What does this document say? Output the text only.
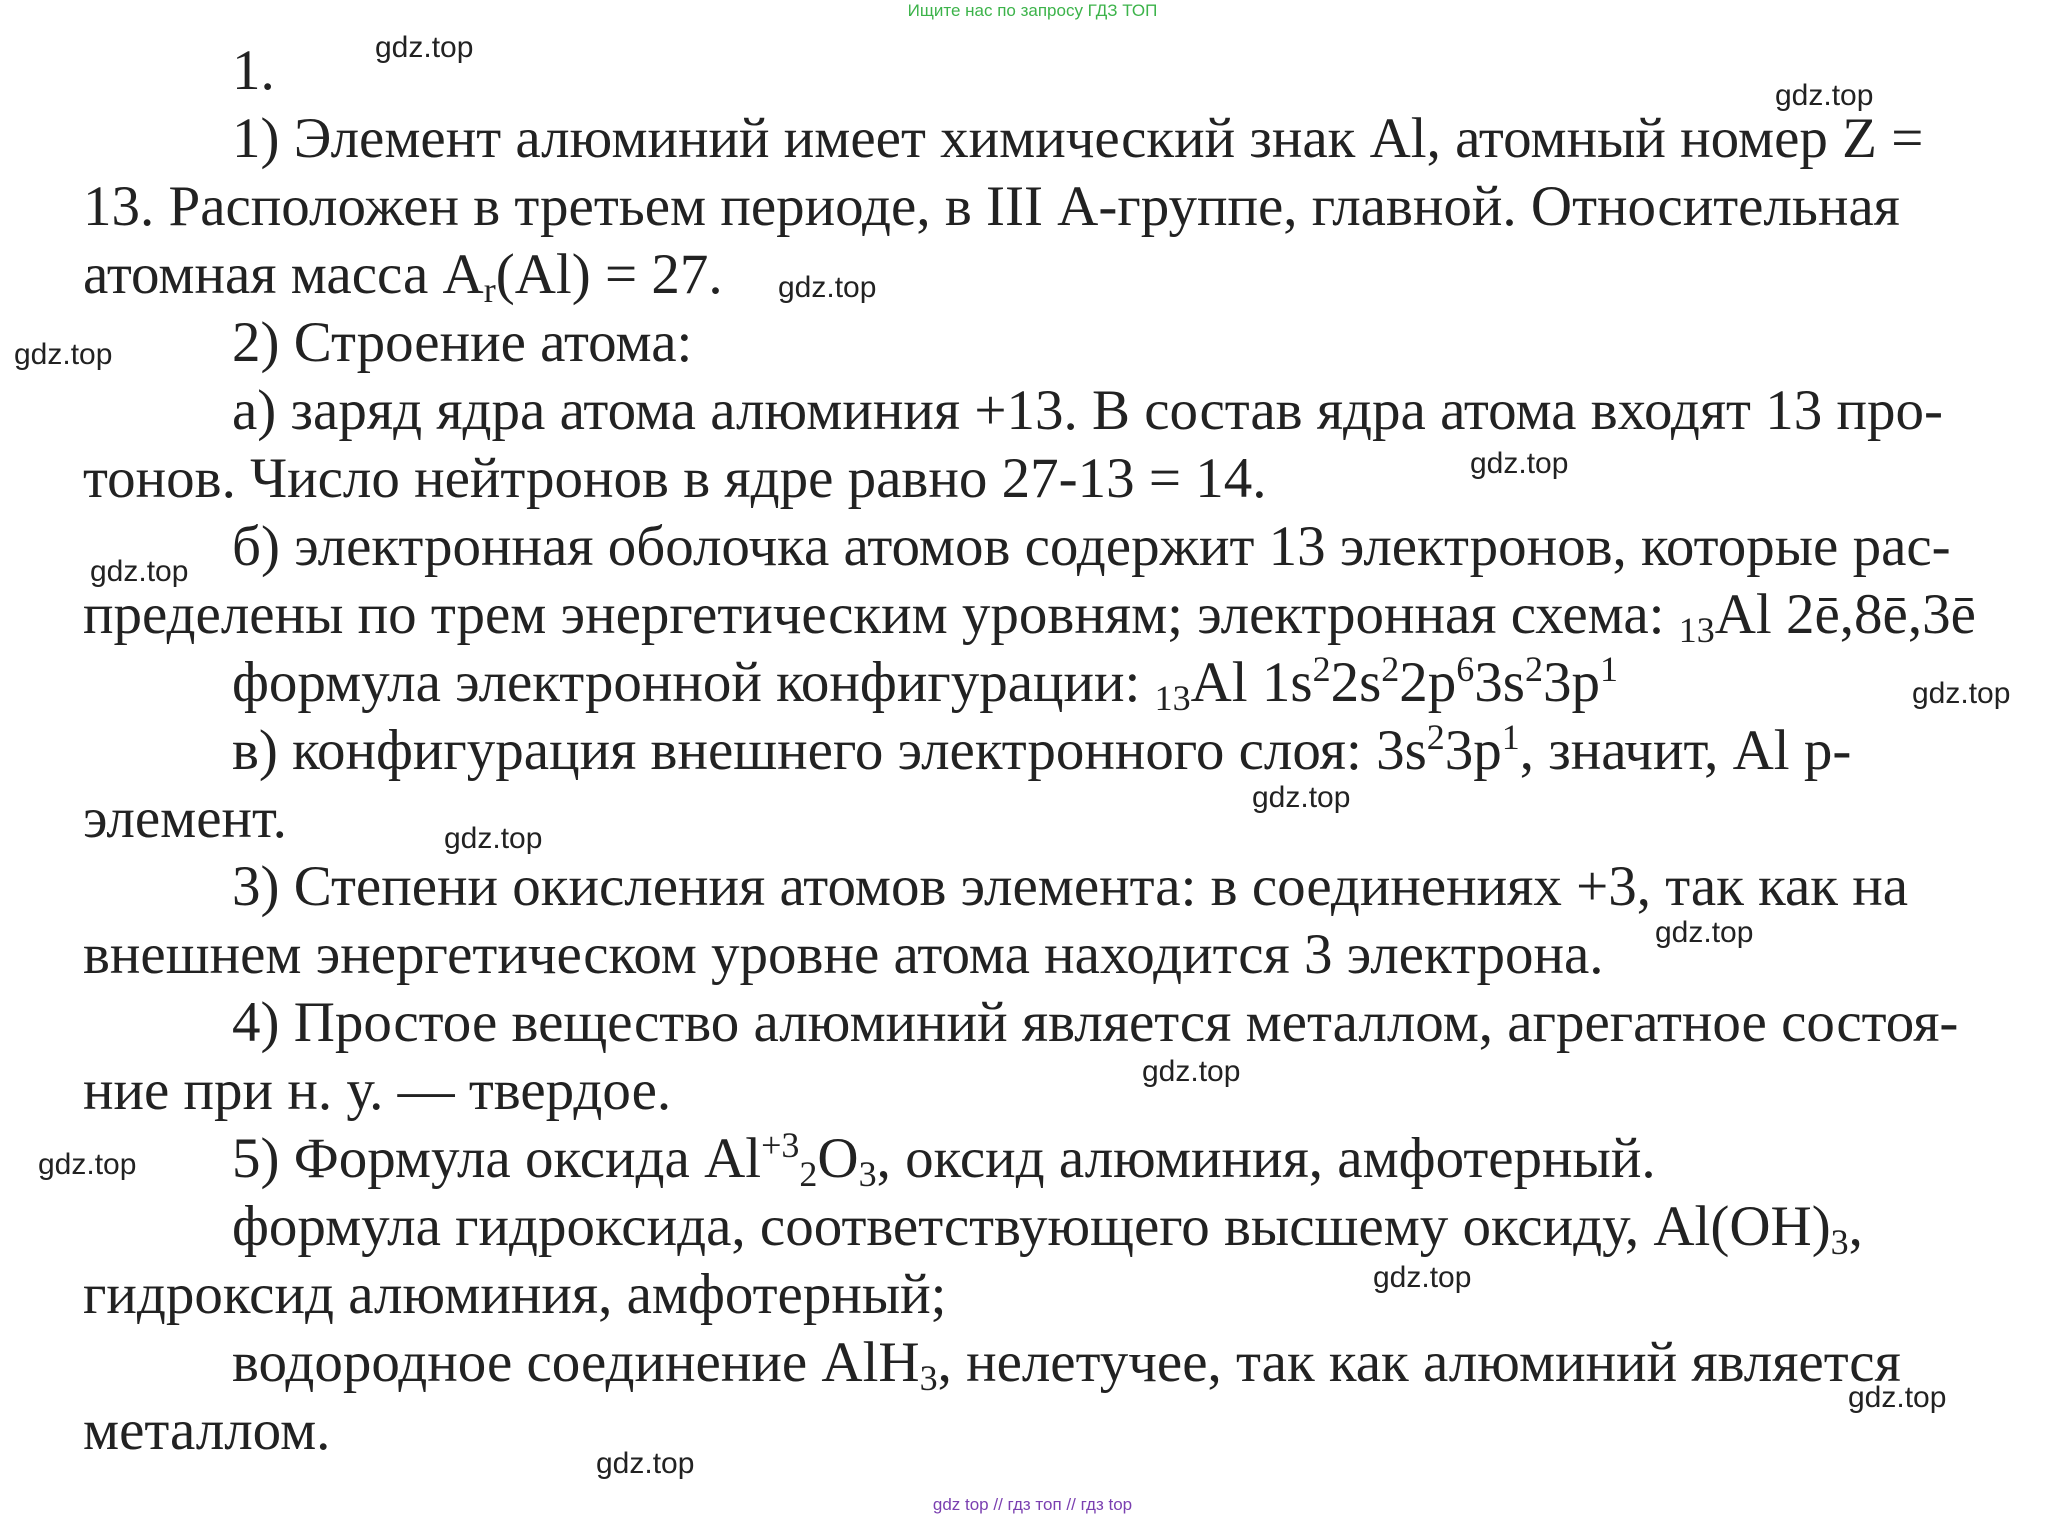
Ищите нас по запросу ГДЗ ТОП
1.
1) Элемент алюминий имеет химический знак Al, атомный номер Z =
13. Расположен в третьем периоде, в III А-группе, главной. Относительная
атомная масса $A_r(Al) = 27$.
2) Строение атома:
а) заряд ядра атома алюминия +13. В состав ядра атома входят 13 про-
тонов. Число нейтронов в ядре равно 27-13 = 14.
б) электронная оболочка атомов содержит 13 электронов, которые рас-
пределены по трем энергетическим уровням; электронная схема: $_{13}$Al 2ē,8ē,3ē
формула электронной конфигурации: $_{13}$Al $1s^22s^22p^63s^23p^1$
в) конфигурация внешнего электронного слоя: $3s^23p^1$, значит, Al p-
элемент.
3) Степени окисления атомов элемента: в соединениях +3, так как на
внешнем энергетическом уровне атома находится 3 электрона.
4) Простое вещество алюминий является металлом, агрегатное состоя-
ние при н. у. — твердое.
5) Формула оксида $Al^{+3}_2O_3$, оксид алюминия, амфотерный.
формула гидроксида, соответствующего высшему оксиду, $Al(OH)_3$,
гидроксид алюминия, амфотерный;
водородное соединение AlH$_3$, нелетучее, так как алюминий является
металлом.
gdz.top
gdz.top
gdz.top
gdz.top
gdz.top
gdz.top
gdz.top
gdz.top
gdz.top
gdz.top
gdz.top
gdz.top
gdz.top
gdz.top
gdz.top
gdz top // гдз топ // гдз top
